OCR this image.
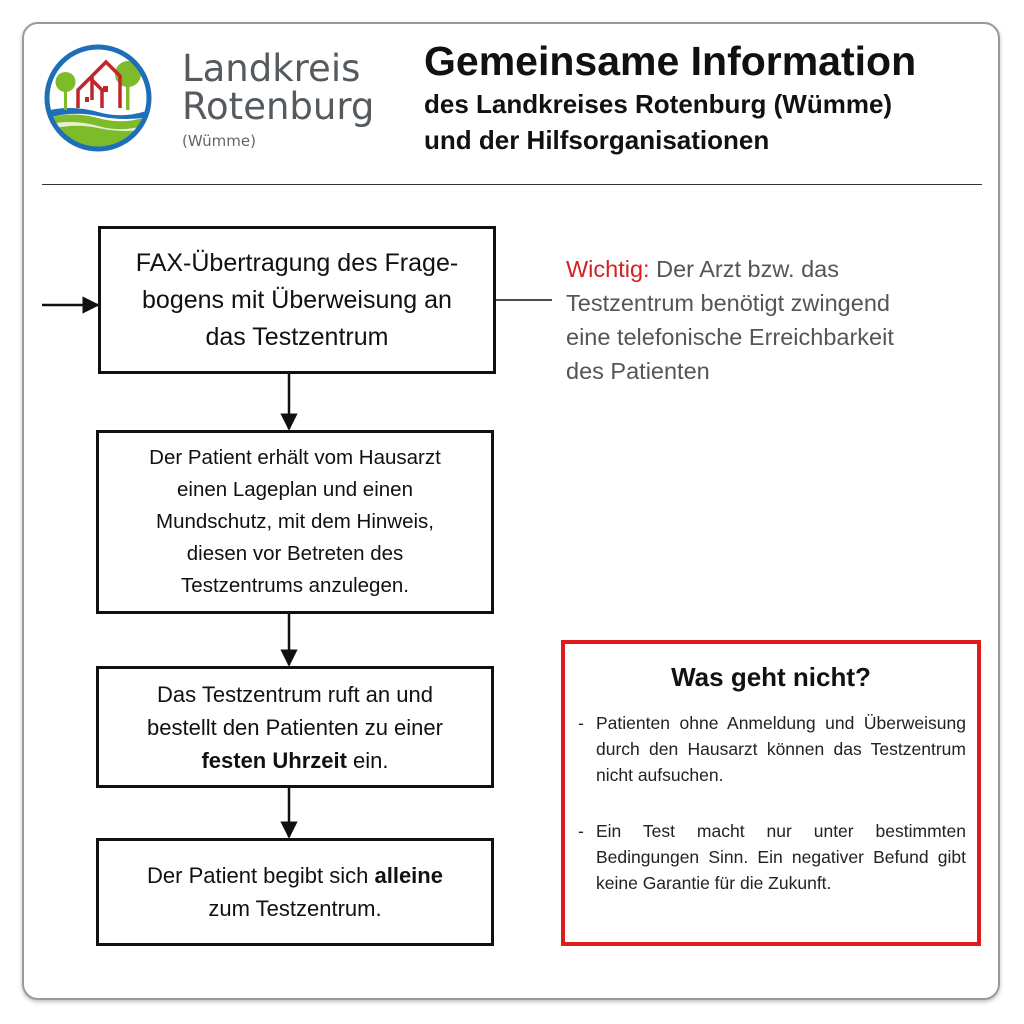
Landkreis
Rotenburg
(Wümme)
Gemeinsame Information
des Landkreises Rotenburg (Wümme)
und der Hilfsorganisationen
FAX-Übertragung des Frage-
bogens mit Überweisung an
das Testzentrum
Der Patient erhält vom Hausarzt
einen Lageplan und einen
Mundschutz, mit dem Hinweis,
diesen vor Betreten des
Testzentrums anzulegen.
Das Testzentrum ruft an und
bestellt den Patienten zu einer
festen Uhrzeit ein.
Der Patient begibt sich alleine
zum Testzentrum.
Wichtig: Der Arzt bzw. das
Testzentrum benötigt zwingend
eine telefonische Erreichbarkeit
des Patienten
Was geht nicht?
- Patienten ohne Anmeldung und Überweisung durch den Hausarzt können das Testzentrum nicht aufsuchen.
- Ein Test macht nur unter bestimmten Bedingungen Sinn. Ein negativer Befund gibt keine Garantie für die Zukunft.
